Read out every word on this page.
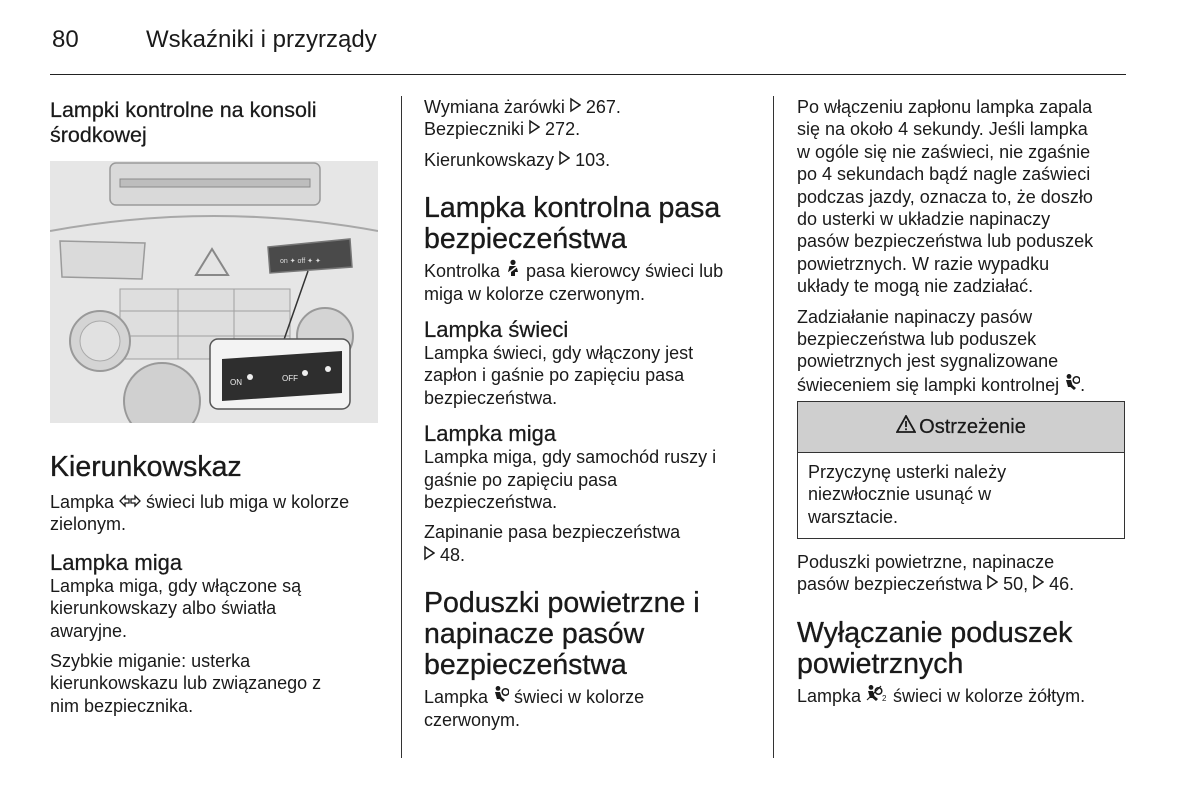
80	Wskaźniki i przyrządy
Lampki kontrolne na konsoli
środkowej
on ✦ off ✦ ✦
ON	OFF
Kierunkowskaz

Lampka  świeci lub miga w kolorze
zielonym.

Lampka miga

Lampka miga, gdy włączone są
kierunkowskazy albo światła
awaryjne.

Szybkie miganie: usterka
kierunkowskazu lub związanego z
nim bezpiecznika.

Wymiana żarówki  267.
Bezpieczniki  272.

Kierunkowskazy  103.

Lampka kontrolna pasa
bezpieczeństwa

Kontrolka  pasa kierowcy świeci lub
miga w kolorze czerwonym.

Lampka świeci

Lampka świeci, gdy włączony jest
zapłon i gaśnie po zapięciu pasa
bezpieczeństwa.

Lampka miga

Lampka miga, gdy samochód ruszy i
gaśnie po zapięciu pasa
bezpieczeństwa.

Zapinanie pasa bezpieczeństwa
48.

Poduszki powietrzne i
napinacze pasów
bezpieczeństwa

Lampka  świeci w kolorze
czerwonym.

Po włączeniu zapłonu lampka zapala
się na około 4 sekundy. Jeśli lampka
w ogóle się nie zaświeci, nie zgaśnie
po 4 sekundach bądź nagle zaświeci
podczas jazdy, oznacza to, że doszło
do usterki w układzie napinaczy
pasów bezpieczeństwa lub poduszek
powietrznych. W razie wypadku
układy te mogą nie zadziałać.

Zadziałanie napinaczy pasów
bezpieczeństwa lub poduszek
powietrznych jest sygnalizowane
świeceniem się lampki kontrolnej .

Ostrzeżenie
Przyczynę usterki należy
niezwłocznie usunąć w
warsztacie.

Poduszki powietrzne, napinacze
pasów bezpieczeństwa  50,  46.

Wyłączanie poduszek
powietrznych

Lampka 2 świeci w kolorze żółtym.
